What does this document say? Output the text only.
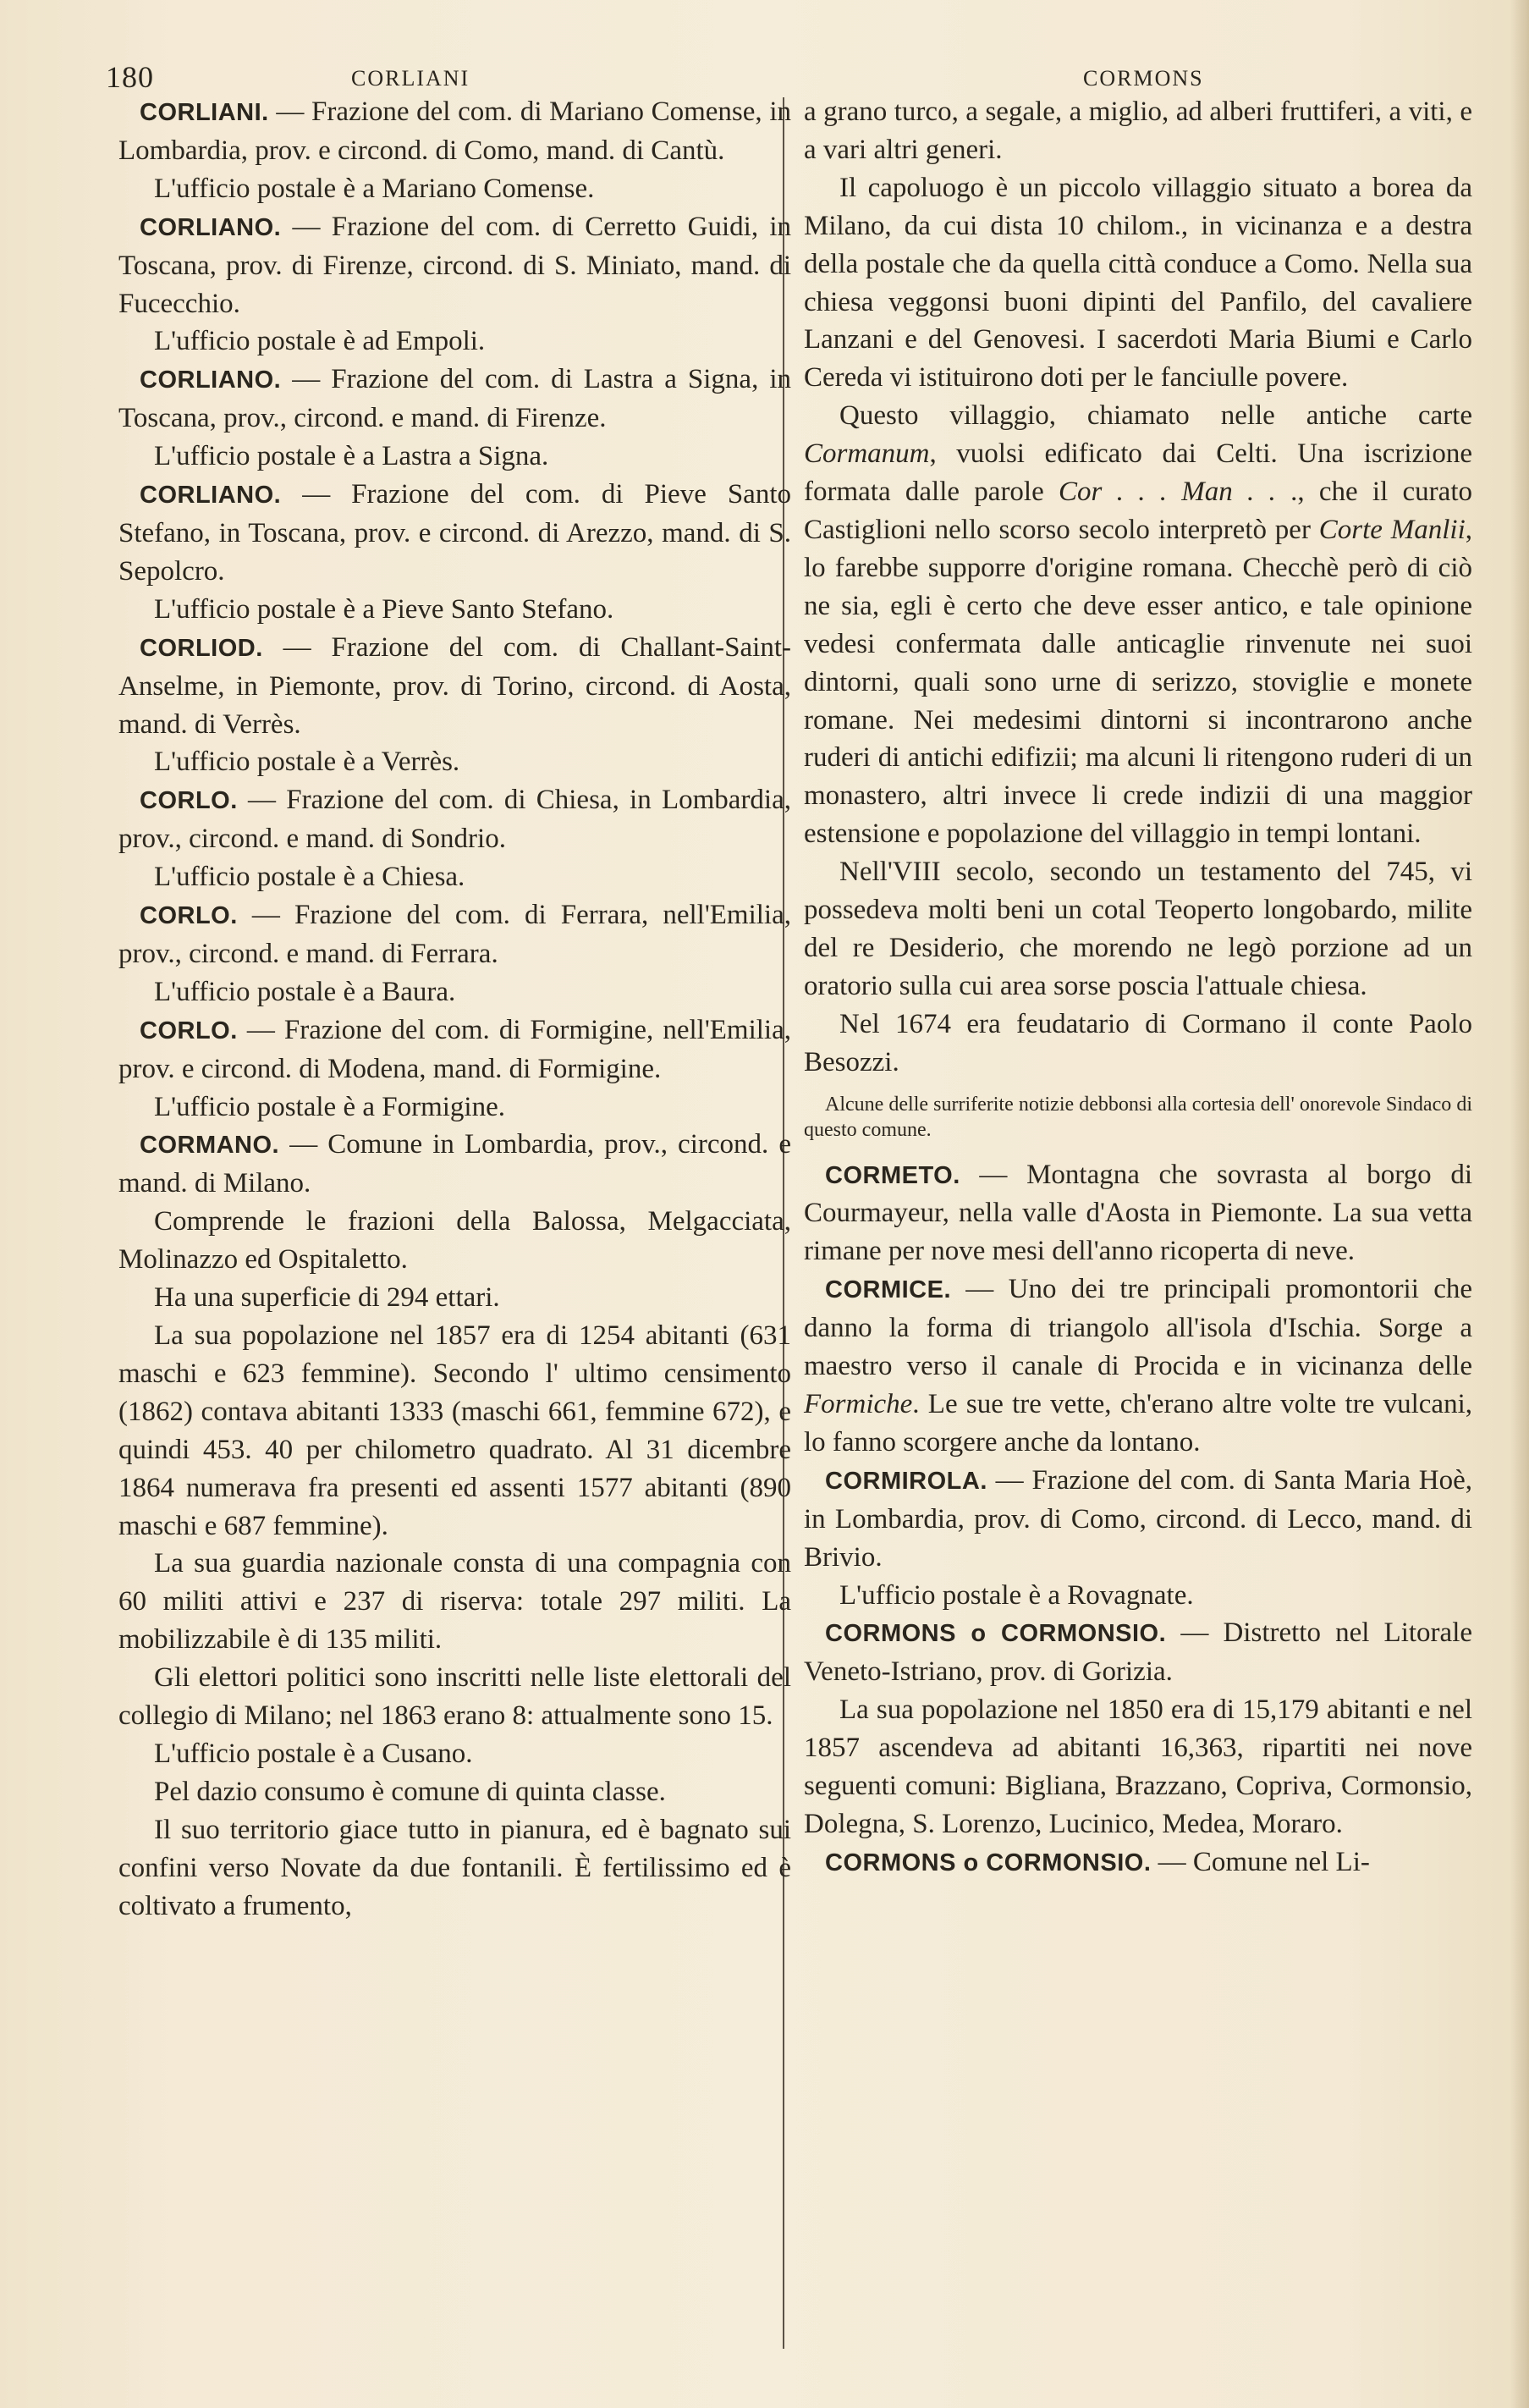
180	CORLIANI	CORMONS

CORLIANI. — Frazione del com. di Mariano Comense, in Lombardia, prov. e circond. di Como, mand. di Cantù.

L'ufficio postale è a Mariano Comense.

CORLIANO. — Frazione del com. di Cerretto Guidi, in Toscana, prov. di Firenze, circond. di S. Miniato, mand. di Fucecchio.

L'ufficio postale è ad Empoli.

CORLIANO. — Frazione del com. di Lastra a Signa, in Toscana, prov., circond. e mand. di Firenze.

L'ufficio postale è a Lastra a Signa.

CORLIANO. — Frazione del com. di Pieve Santo Stefano, in Toscana, prov. e circond. di Arezzo, mand. di S. Sepolcro.

L'ufficio postale è a Pieve Santo Stefano.

CORLIOD. — Frazione del com. di Challant-Saint-Anselme, in Piemonte, prov. di Torino, circond. di Aosta, mand. di Verrès.

L'ufficio postale è a Verrès.

CORLO. — Frazione del com. di Chiesa, in Lombardia, prov., circond. e mand. di Sondrio.

L'ufficio postale è a Chiesa.

CORLO. — Frazione del com. di Ferrara, nell'Emilia, prov., circond. e mand. di Ferrara.

L'ufficio postale è a Baura.

CORLO. — Frazione del com. di Formigine, nell'Emilia, prov. e circond. di Modena, mand. di Formigine.

L'ufficio postale è a Formigine.

CORMANO. — Comune in Lombardia, prov., circond. e mand. di Milano.

Comprende le frazioni della Balossa, Melgacciata, Molinazzo ed Ospitaletto.

Ha una superficie di 294 ettari.

La sua popolazione nel 1857 era di 1254 abitanti (631 maschi e 623 femmine). Secondo l' ultimo censimento (1862) contava abitanti 1333 (maschi 661, femmine 672), e quindi 453. 40 per chilometro quadrato. Al 31 dicembre 1864 numerava fra presenti ed assenti 1577 abitanti (890 maschi e 687 femmine).

La sua guardia nazionale consta di una compagnia con 60 militi attivi e 237 di riserva: totale 297 militi. La mobilizzabile è di 135 militi.

Gli elettori politici sono inscritti nelle liste elettorali del collegio di Milano; nel 1863 erano 8: attualmente sono 15.

L'ufficio postale è a Cusano.

Pel dazio consumo è comune di quinta classe.

Il suo territorio giace tutto in pianura, ed è bagnato sui confini verso Novate da due fontanili. È fertilissimo ed è coltivato a frumento,

a grano turco, a segale, a miglio, ad alberi fruttiferi, a viti, e a vari altri generi.

Il capoluogo è un piccolo villaggio situato a borea da Milano, da cui dista 10 chilom., in vicinanza e a destra della postale che da quella città conduce a Como. Nella sua chiesa veggonsi buoni dipinti del Panfilo, del cavaliere Lanzani e del Genovesi. I sacerdoti Maria Biumi e Carlo Cereda vi istituirono doti per le fanciulle povere.

Questo villaggio, chiamato nelle antiche carte Cormanum, vuolsi edificato dai Celti. Una iscrizione formata dalle parole Cor . . . Man . . ., che il curato Castiglioni nello scorso secolo interpretò per Corte Manlii, lo farebbe supporre d'origine romana. Checchè però di ciò ne sia, egli è certo che deve esser antico, e tale opinione vedesi confermata dalle anticaglie rinvenute nei suoi dintorni, quali sono urne di serizzo, stoviglie e monete romane. Nei medesimi dintorni si incontrarono anche ruderi di antichi edifizii; ma alcuni li ritengono ruderi di un monastero, altri invece li crede indizii di una maggior estensione e popolazione del villaggio in tempi lontani.

Nell'VIII secolo, secondo un testamento del 745, vi possedeva molti beni un cotal Teoperto longobardo, milite del re Desiderio, che morendo ne legò porzione ad un oratorio sulla cui area sorse poscia l'attuale chiesa.

Nel 1674 era feudatario di Cormano il conte Paolo Besozzi.

Alcune delle surriferite notizie debbonsi alla cortesia dell' onorevole Sindaco di questo comune.

CORMETO. — Montagna che sovrasta al borgo di Courmayeur, nella valle d'Aosta in Piemonte. La sua vetta rimane per nove mesi dell'anno ricoperta di neve.

CORMICE. — Uno dei tre principali promontorii che danno la forma di triangolo all'isola d'Ischia. Sorge a maestro verso il canale di Procida e in vicinanza delle Formiche. Le sue tre vette, ch'erano altre volte tre vulcani, lo fanno scorgere anche da lontano.

CORMIROLA. — Frazione del com. di Santa Maria Hoè, in Lombardia, prov. di Como, circond. di Lecco, mand. di Brivio.

L'ufficio postale è a Rovagnate.

CORMONS o CORMONSIO. — Distretto nel Litorale Veneto-Istriano, prov. di Gorizia.

La sua popolazione nel 1850 era di 15,179 abitanti e nel 1857 ascendeva ad abitanti 16,363, ripartiti nei nove seguenti comuni: Bigliana, Brazzano, Copriva, Cormonsio, Dolegna, S. Lorenzo, Lucinico, Medea, Moraro.

CORMONS o CORMONSIO. — Comune nel Li-
